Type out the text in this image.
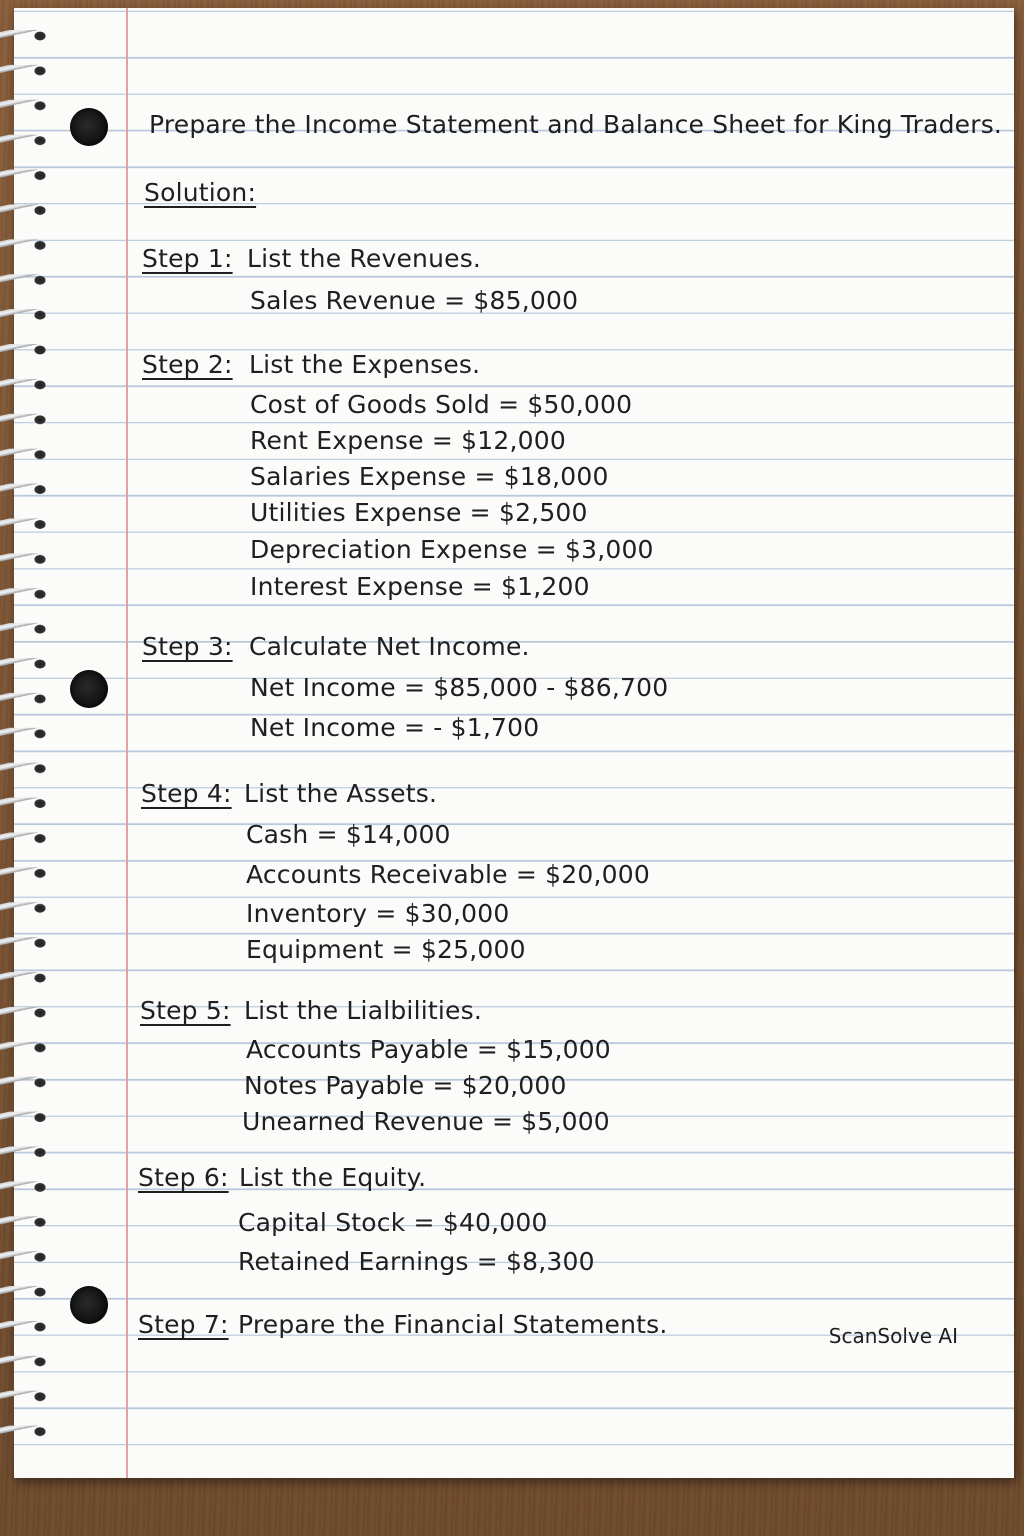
Prepare the Income Statement and Balance Sheet for King Traders.

Solution:

Step 1: List the Revenues.

Sales Revenue = $85,000

Step 2: List the Expenses.

Cost of Goods Sold = $50,000

Rent Expense = $12,000

Salaries Expense = $18,000

Utilities Expense = $2,500

Depreciation Expense = $3,000

Interest Expense = $1,200

Step 3: Calculate Net Income.

Net Income = $85,000 - $86,700

Net Income = - $1,700

Step 4: List the Assets.

Cash = $14,000

Accounts Receivable = $20,000

Inventory = $30,000

Equipment = $25,000

Step 5: List the Lialbilities.

Accounts Payable = $15,000

Notes Payable = $20,000

Unearned Revenue = $5,000

Step 6: List the Equity.

Capital Stock = $40,000

Retained Earnings = $8,300

Step 7: Prepare the Financial Statements.	ScanSolve AI
